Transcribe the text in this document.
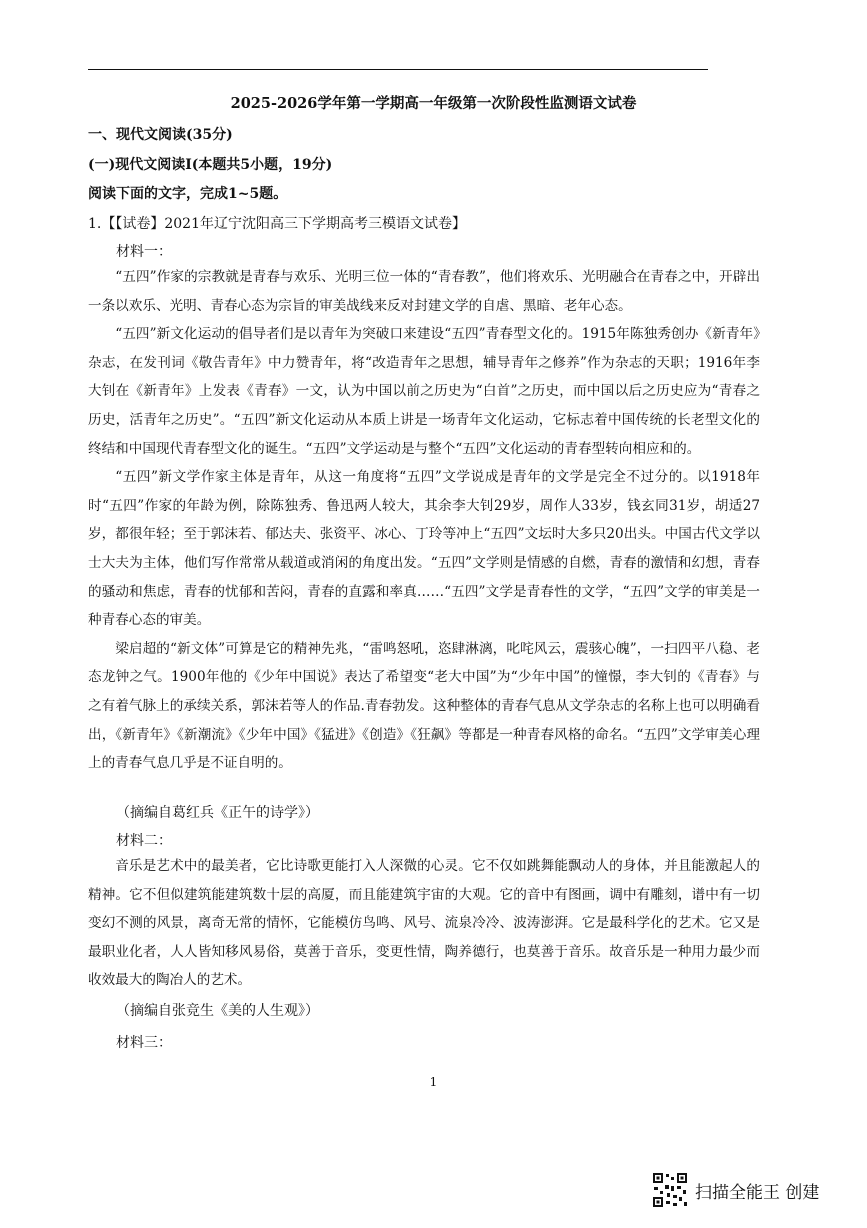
2025-2026学年第一学期高一年级第一次阶段性监测语文试卷
一、现代文阅读(35分)
(一)现代文阅读I(本题共5小题，19分)
阅读下面的文字，完成1~5题。
1.【【试卷】2021年辽宁沈阳高三下学期高考三模语文试卷】
材料一：

“五四”作家的宗教就是青春与欢乐、光明三位一体的“青春教”，他们将欢乐、光明融合在青春之中，开辟出一条以欢乐、光明、青春心态为宗旨的审美战线来反对封建文学的自虐、黑暗、老年心态。

“五四”新文化运动的倡导者们是以青年为突破口来建设“五四”青春型文化的。1915年陈独秀创办《新青年》杂志，在发刊词《敬告青年》中力赞青年，将“改造青年之思想，辅导青年之修养”作为杂志的天职；1916年李大钊在《新青年》上发表《青春》一文，认为中国以前之历史为“白首”之历史，而中国以后之历史应为“青春之历史，活青年之历史”。“五四”新文化运动从本质上讲是一场青年文化运动，它标志着中国传统的长老型文化的终结和中国现代青春型文化的诞生。“五四”文学运动是与整个“五四”文化运动的青春型转向相应和的。

“五四”新文学作家主体是青年，从这一角度将“五四”文学说成是青年的文学是完全不过分的。以1918年时“五四”作家的年龄为例，除陈独秀、鲁迅两人较大，其余李大钊29岁，周作人33岁，钱玄同31岁，胡适27岁，都很年轻；至于郭沫若、郁达夫、张资平、冰心、丁玲等冲上“五四”文坛时大多只20出头。中国古代文学以士大夫为主体，他们写作常常从载道或消闲的角度出发。“五四”文学则是情感的自燃，青春的激情和幻想，青春的骚动和焦虑，青春的忧郁和苦闷，青春的直露和率真……“五四”文学是青春性的文学，“五四”文学的审美是一种青春心态的审美。

梁启超的“新文体”可算是它的精神先兆，“雷鸣怒吼，恣肆淋漓，叱咤风云，震骇心魄”，一扫四平八稳、老态龙钟之气。1900年他的《少年中国说》表达了希望变“老大中国”为“少年中国”的憧憬，李大钊的《青春》与之有着气脉上的承续关系，郭沫若等人的作品.青春勃发。这种整体的青春气息从文学杂志的名称上也可以明确看出，《新青年》《新潮流》《少年中国》《猛进》《创造》《狂飙》等都是一种青春风格的命名。“五四”文学审美心理上的青春气息几乎是不证自明的。

（摘编自葛红兵《正午的诗学》）
材料二：

音乐是艺术中的最美者，它比诗歌更能打入人深微的心灵。它不仅如跳舞能飘动人的身体，并且能激起人的精神。它不但似建筑能建筑数十层的高厦，而且能建筑宇宙的大观。它的音中有图画，调中有雕刻，谱中有一切变幻不测的风景，离奇无常的情怀，它能模仿鸟鸣、风号、流泉冷冷、波涛澎湃。它是最科学化的艺术。它又是最职业化者，人人皆知移风易俗，莫善于音乐，变更性情，陶养德行，也莫善于音乐。故音乐是一种用力最少而收效最大的陶冶人的艺术。

（摘编自张竞生《美的人生观》）
材料三：
1
扫描全能王 创建
